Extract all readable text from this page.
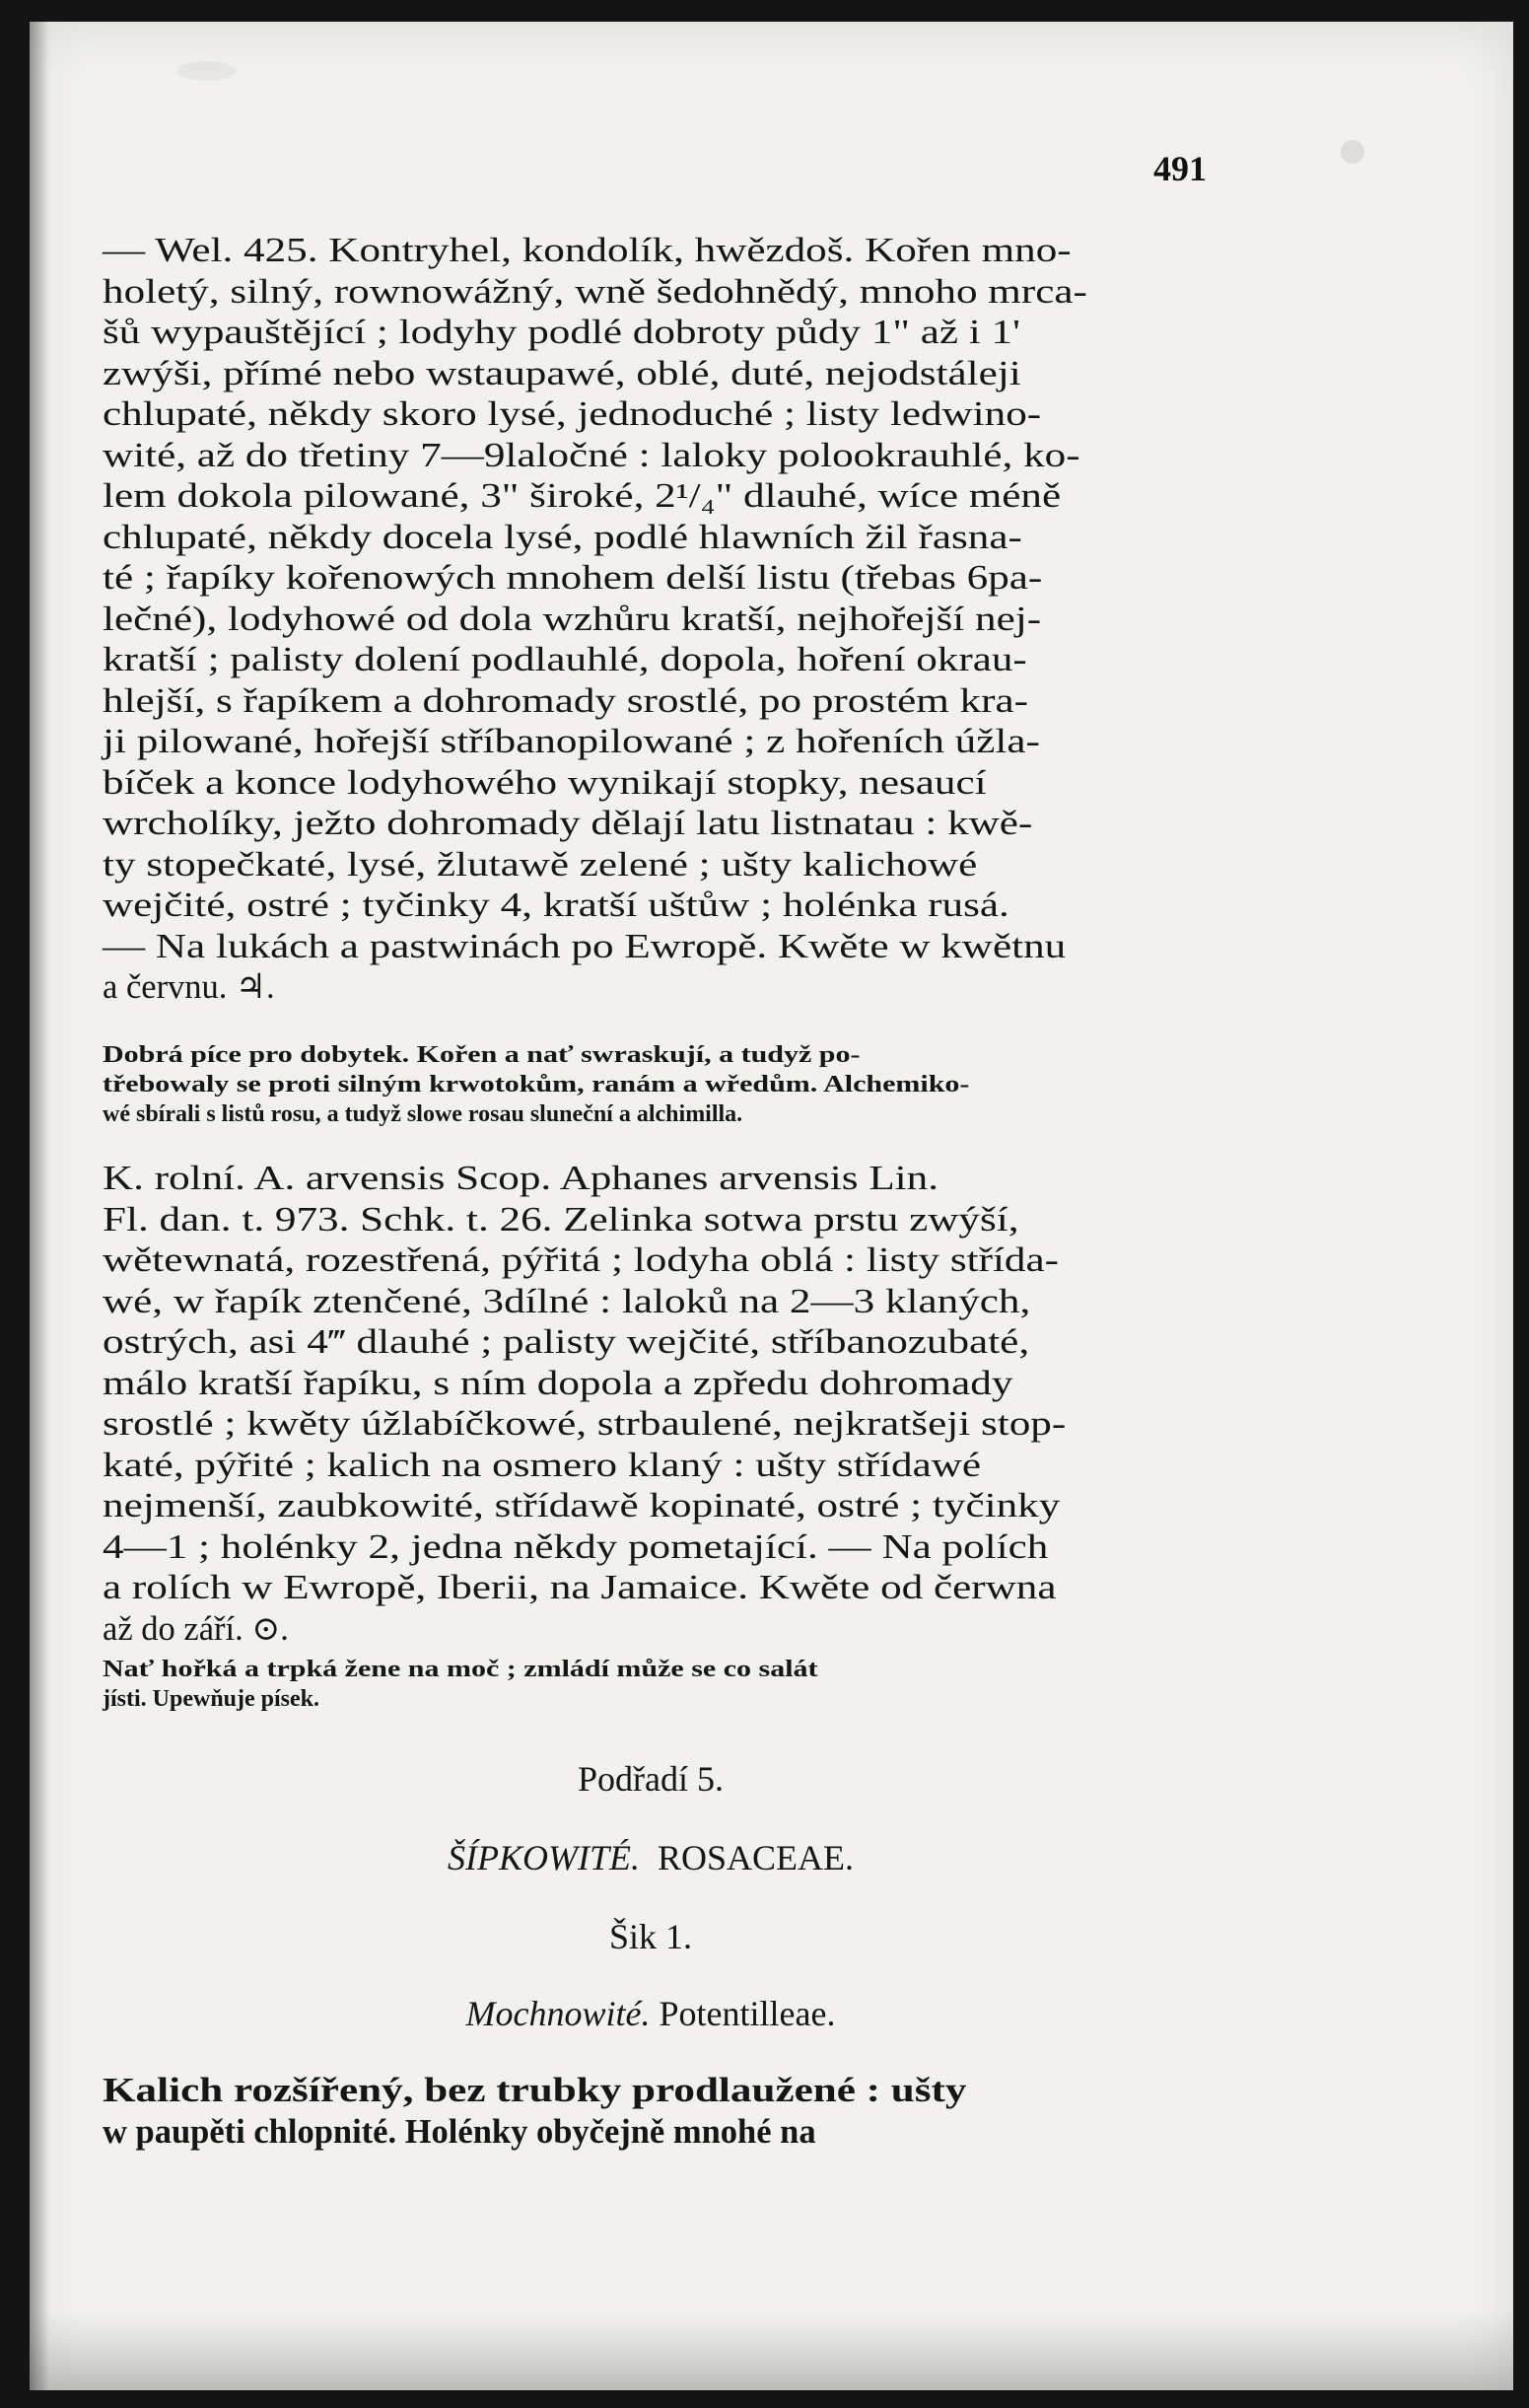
491

— Wel. 425. Kontryhel, kondolík, hwězdoš. Kořen mno-
holetý, silný, rownowážný, wně šedohnědý, mnoho mrca-
šů wypauštějící ; lodyhy podlé dobroty půdy 1" až i 1'
zwýši, přímé nebo wstaupawé, oblé, duté, nejodstáleji
chlupaté, někdy skoro lysé, jednoduché ; listy ledwino-
wité, až do třetiny 7—9laločné : laloky polookrauhlé, ko-
lem dokola pilowané, 3" široké, 2¹/₄" dlauhé, wíce méně
chlupaté, někdy docela lysé, podlé hlawních žil řasna-
té ; řapíky kořenowých mnohem delší listu (třebas 6pa-
lečné), lodyhowé od dola wzhůru kratší, nejhořejší nej-
kratší ; palisty dolení podlauhlé, dopola, hoření okrau-
hlejší, s řapíkem a dohromady srostlé, po prostém kra-
ji pilowané, hořejší stříbanopilowané ; z hořeních úžla-
bíček a konce lodyhowého wynikají stopky, nesaucí
wrcholíky, ježto dohromady dělají latu listnatau : kwě-
ty stopečkaté, lysé, žlutawě zelené ; ušty kalichowé
wejčité, ostré ; tyčinky 4, kratší uštůw ; holénka rusá.
— Na lukách a pastwinách po Ewropě. Kwěte w kwětnu
a červnu. ♃.

Dobrá píce pro dobytek. Kořen a nať swraskují, a tudyž po-
třebowaly se proti silným krwotokům, ranám a wředům. Alchemiko-
wé sbírali s listů rosu, a tudyž slowe rosau sluneční a alchimilla.

K. rolní. A. arvensis Scop. Aphanes arvensis Lin.
Fl. dan. t. 973. Schk. t. 26. Zelinka sotwa prstu zwýší,
wětewnatá, rozestřená, pýřitá ; lodyha oblá : listy střída-
wé, w řapík ztenčené, 3dílné : laloků na 2—3 klaných,
ostrých, asi 4‴ dlauhé ; palisty wejčité, stříbanozubaté,
málo kratší řapíku, s ním dopola a zpředu dohromady
srostlé ; kwěty úžlabíčkowé, strbaulené, nejkratšeji stop-
katé, pýřité ; kalich na osmero klaný : ušty střídawé
nejmenší, zaubkowité, střídawě kopinaté, ostré ; tyčinky
4—1 ; holénky 2, jedna někdy pometající. — Na polích
a rolích w Ewropě, Iberii, na Jamaice. Kwěte od čerwna
až do září. ⊙.

Nať hořká a trpká žene na moč ; zmládí může se co salát
jísti. Upewňuje písek.

Podřadí 5.

ŠÍPKOWITÉ. ROSACEAE.

Šik 1.

Mochnowité. Potentilleae.

Kalich rozšířený, bez trubky prodlaužené : ušty
w paupěti chlopnité. Holénky obyčejně mnohé na
